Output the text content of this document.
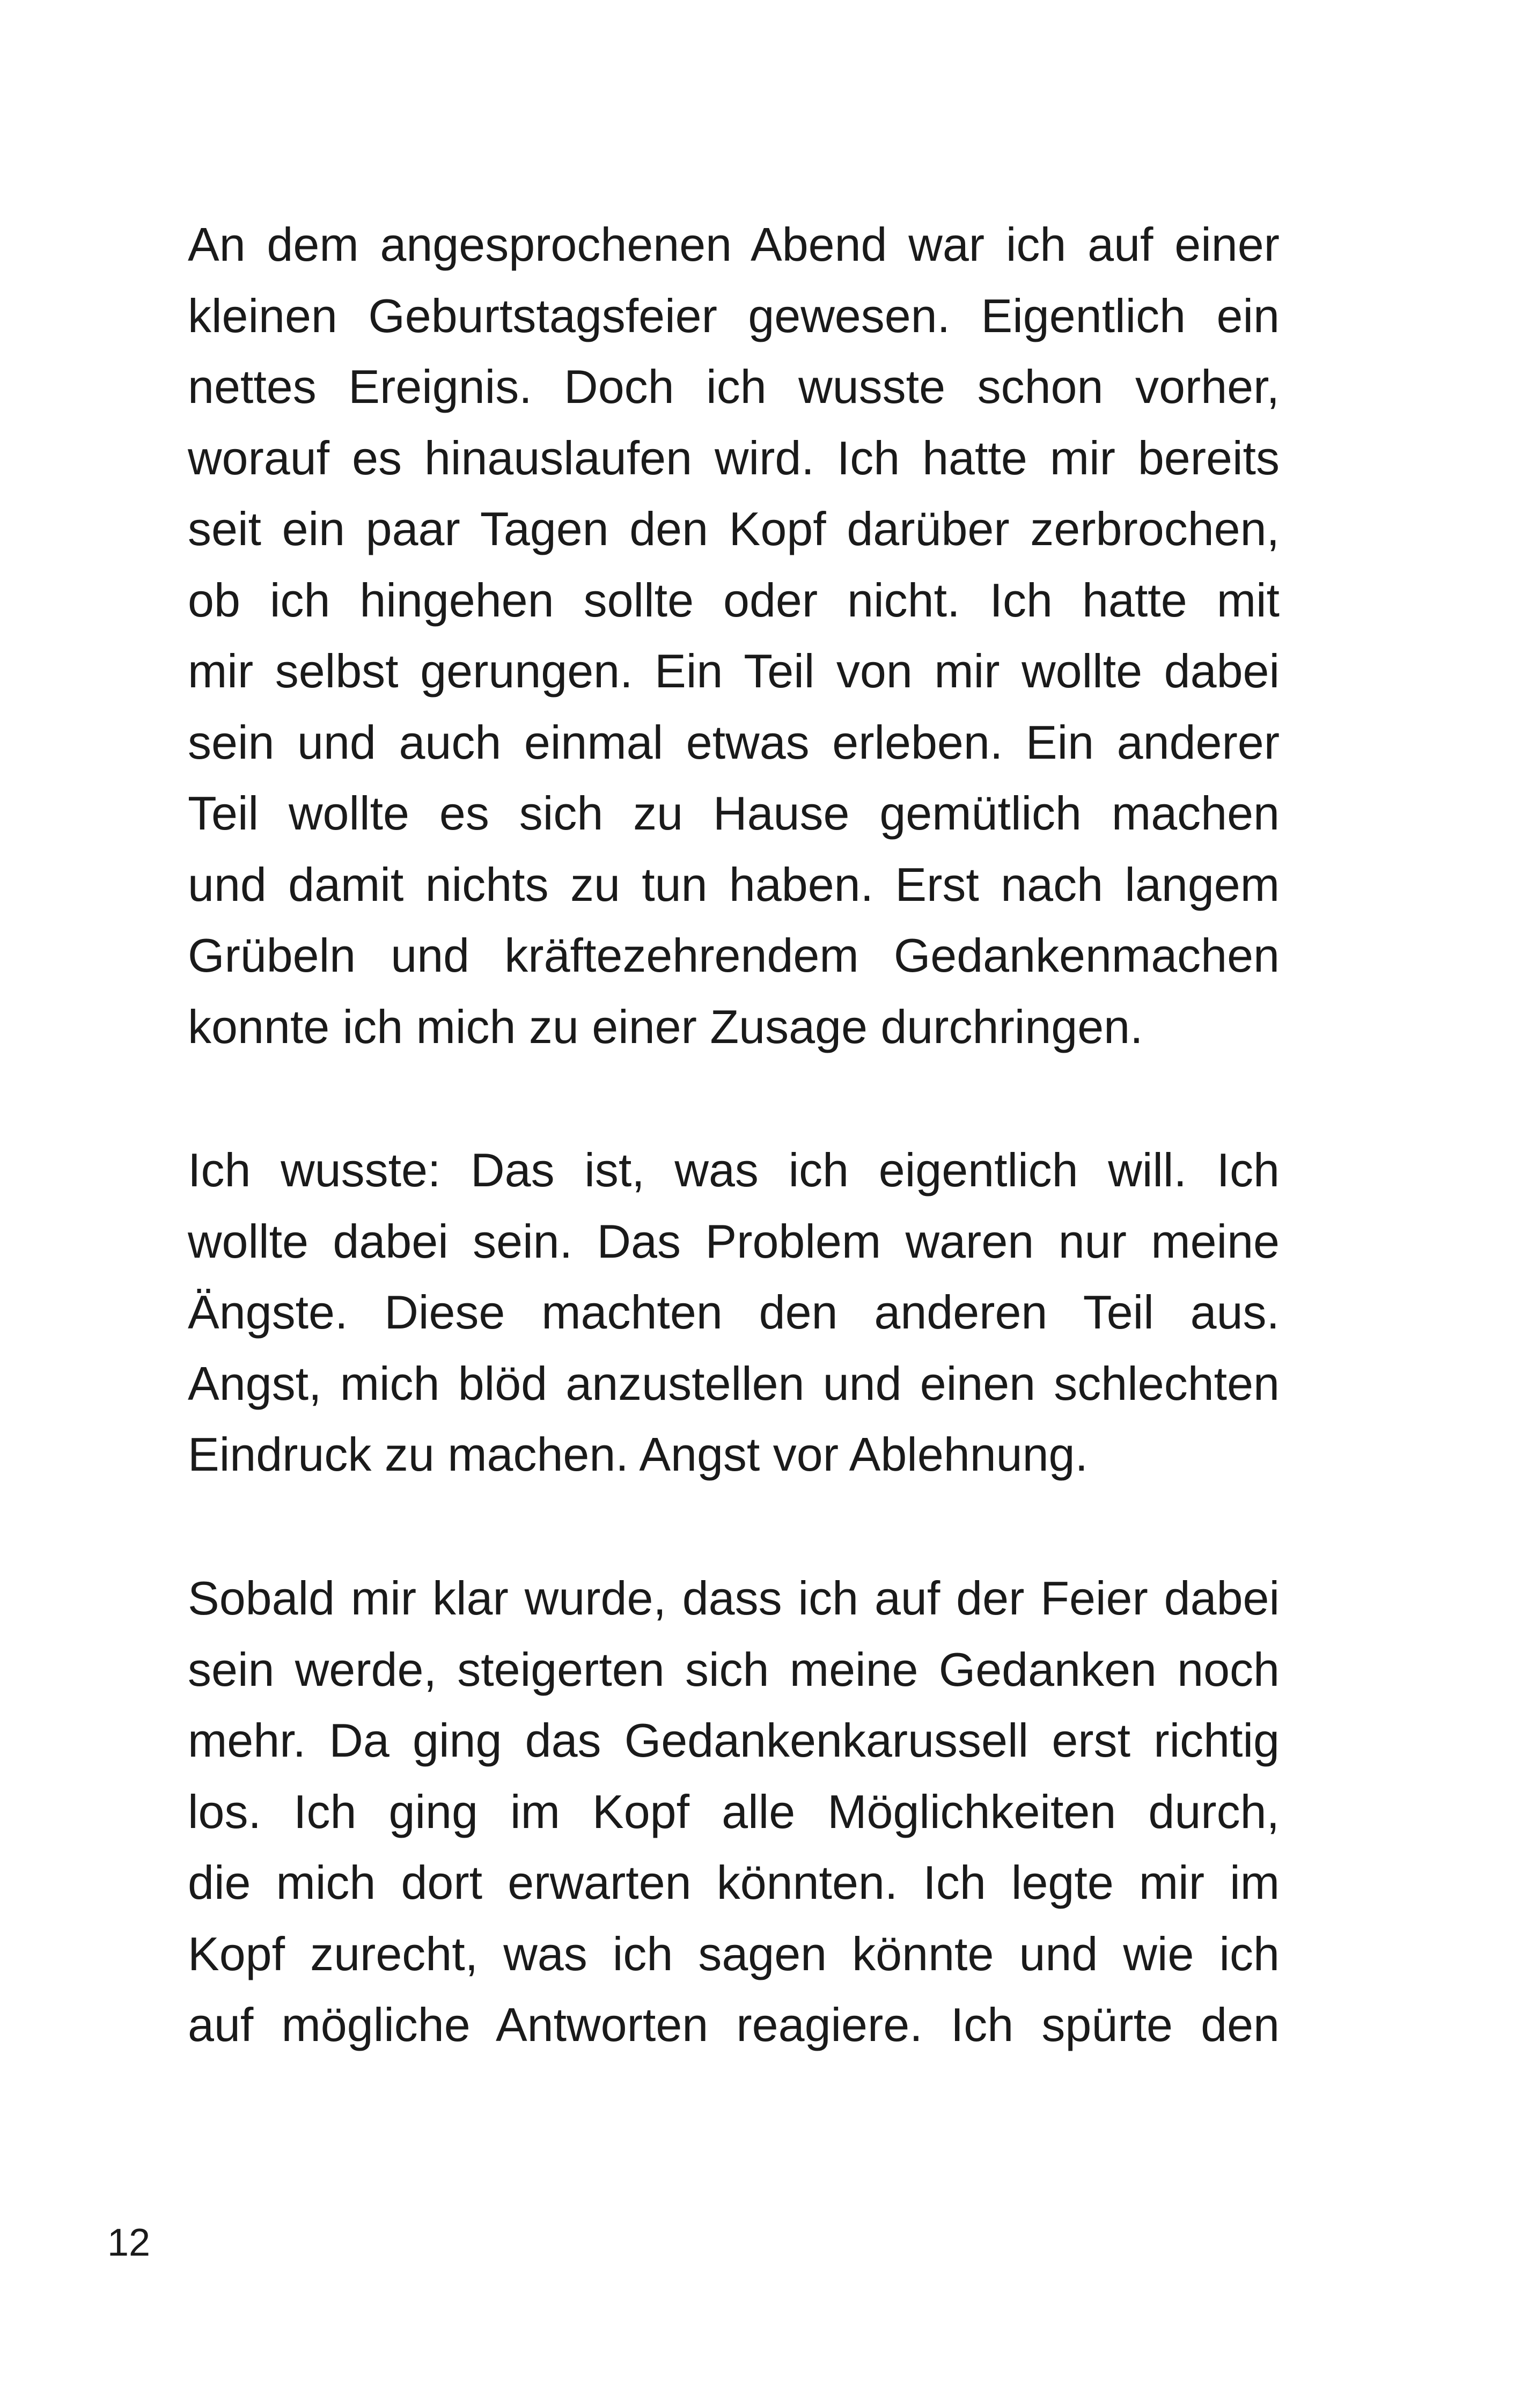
An dem angesprochenen Abend war ich auf einer
kleinen Geburtstagsfeier gewesen. Eigentlich ein
nettes Ereignis. Doch ich wusste schon vorher,
worauf es hinauslaufen wird. Ich hatte mir bereits
seit ein paar Tagen den Kopf darüber zerbrochen,
ob ich hingehen sollte oder nicht. Ich hatte mit
mir selbst gerungen. Ein Teil von mir wollte dabei
sein und auch einmal etwas erleben. Ein anderer
Teil wollte es sich zu Hause gemütlich machen
und damit nichts zu tun haben. Erst nach langem
Grübeln und kräftezehrendem Gedankenmachen
konnte ich mich zu einer Zusage durchringen.

Ich wusste: Das ist, was ich eigentlich will. Ich
wollte dabei sein. Das Problem waren nur meine
Ängste. Diese machten den anderen Teil aus.
Angst, mich blöd anzustellen und einen schlechten
Eindruck zu machen. Angst vor Ablehnung.

Sobald mir klar wurde, dass ich auf der Feier dabei
sein werde, steigerten sich meine Gedanken noch
mehr. Da ging das Gedankenkarussell erst richtig
los. Ich ging im Kopf alle Möglichkeiten durch,
die mich dort erwarten könnten. Ich legte mir im
Kopf zurecht, was ich sagen könnte und wie ich
auf mögliche Antworten reagiere. Ich spürte den

12
